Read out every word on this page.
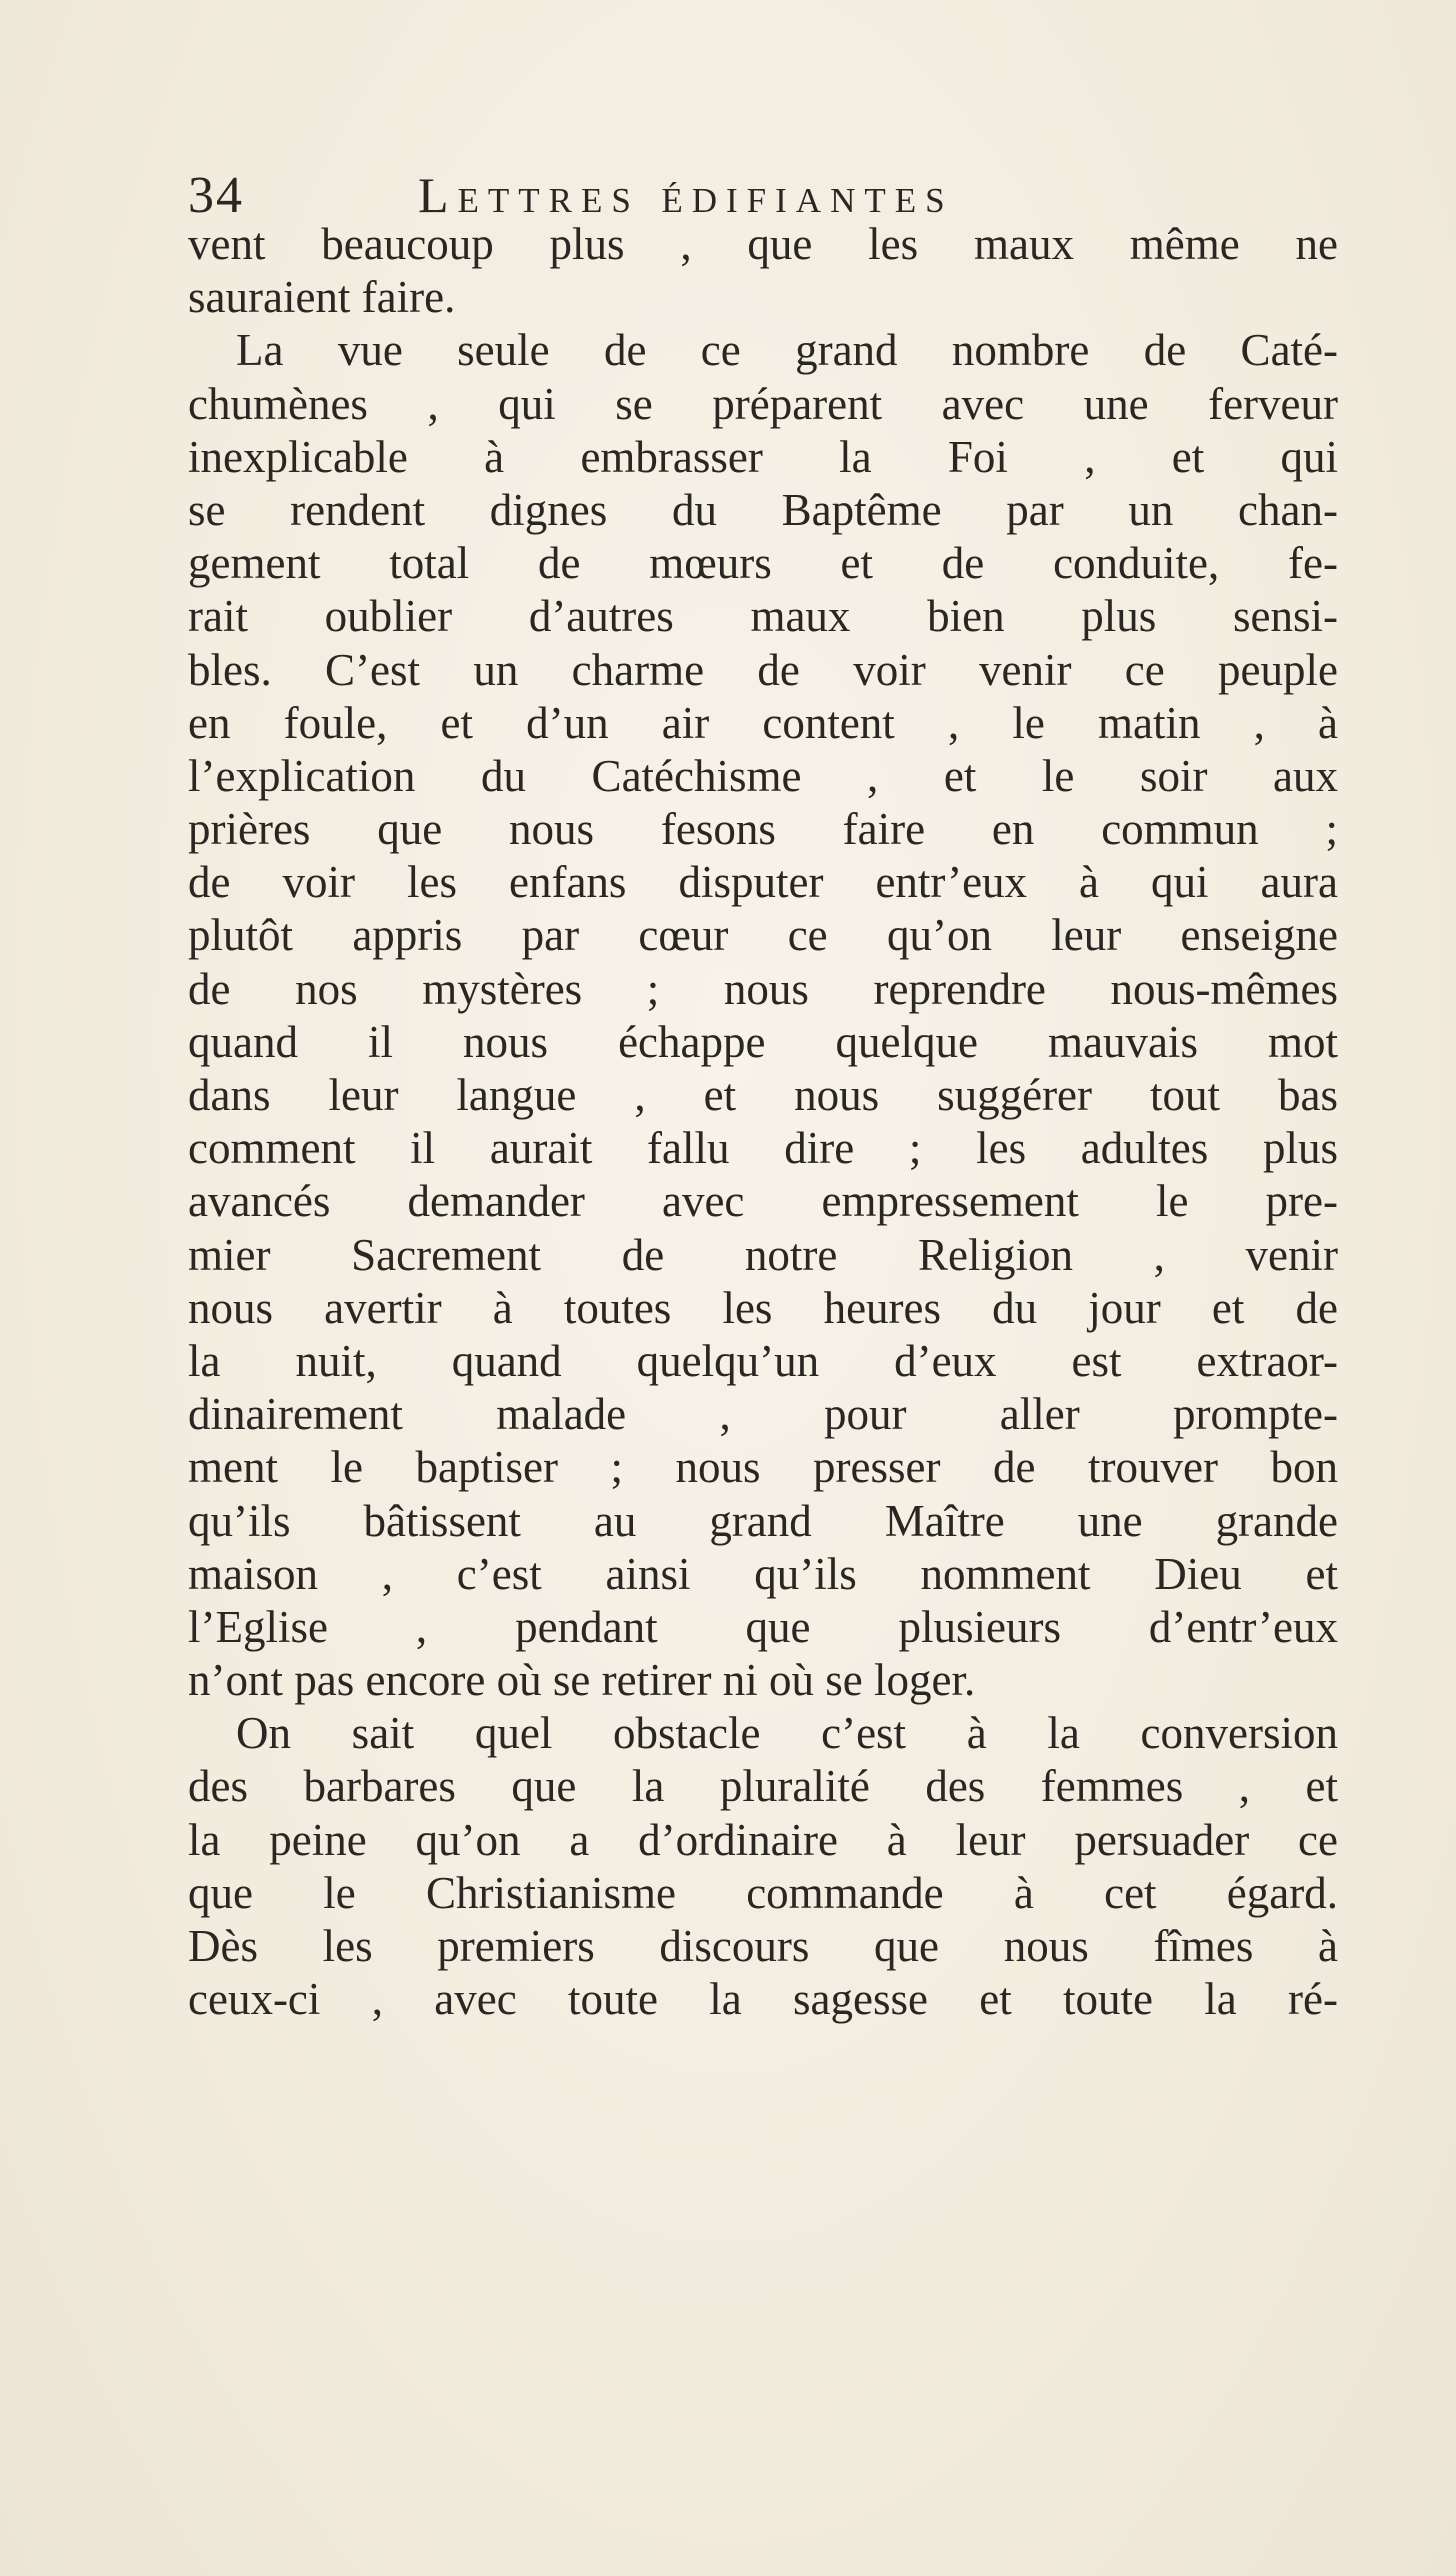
34	Lettres édifiantes
vent beaucoup plus , que les maux même ne
sauraient faire.
La vue seule de ce grand nombre de Caté-
chumènes , qui se préparent avec une ferveur
inexplicable à embrasser la Foi , et qui
se rendent dignes du Baptême par un chan-
gement total de mœurs et de conduite, fe-
rait oublier d’autres maux bien plus sensi-
bles. C’est un charme de voir venir ce peuple
en foule, et d’un air content , le matin , à
l’explication du Catéchisme , et le soir aux
prières que nous fesons faire en commun ;
de voir les enfans disputer entr’eux à qui aura
plutôt appris par cœur ce qu’on leur enseigne
de nos mystères ; nous reprendre nous-mêmes
quand il nous échappe quelque mauvais mot
dans leur langue , et nous suggérer tout bas
comment il aurait fallu dire ; les adultes plus
avancés demander avec empressement le pre-
mier Sacrement de notre Religion , venir
nous avertir à toutes les heures du jour et de
la nuit, quand quelqu’un d’eux est extraor-
dinairement malade , pour aller prompte-
ment le baptiser ; nous presser de trouver bon
qu’ils bâtissent au grand Maître une grande
maison , c’est ainsi qu’ils nomment Dieu et
l’Eglise , pendant que plusieurs d’entr’eux
n’ont pas encore où se retirer ni où se loger.
On sait quel obstacle c’est à la conversion
des barbares que la pluralité des femmes , et
la peine qu’on a d’ordinaire à leur persuader ce
que le Christianisme commande à cet égard.
Dès les premiers discours que nous fîmes à
ceux-ci , avec toute la sagesse et toute la ré-
